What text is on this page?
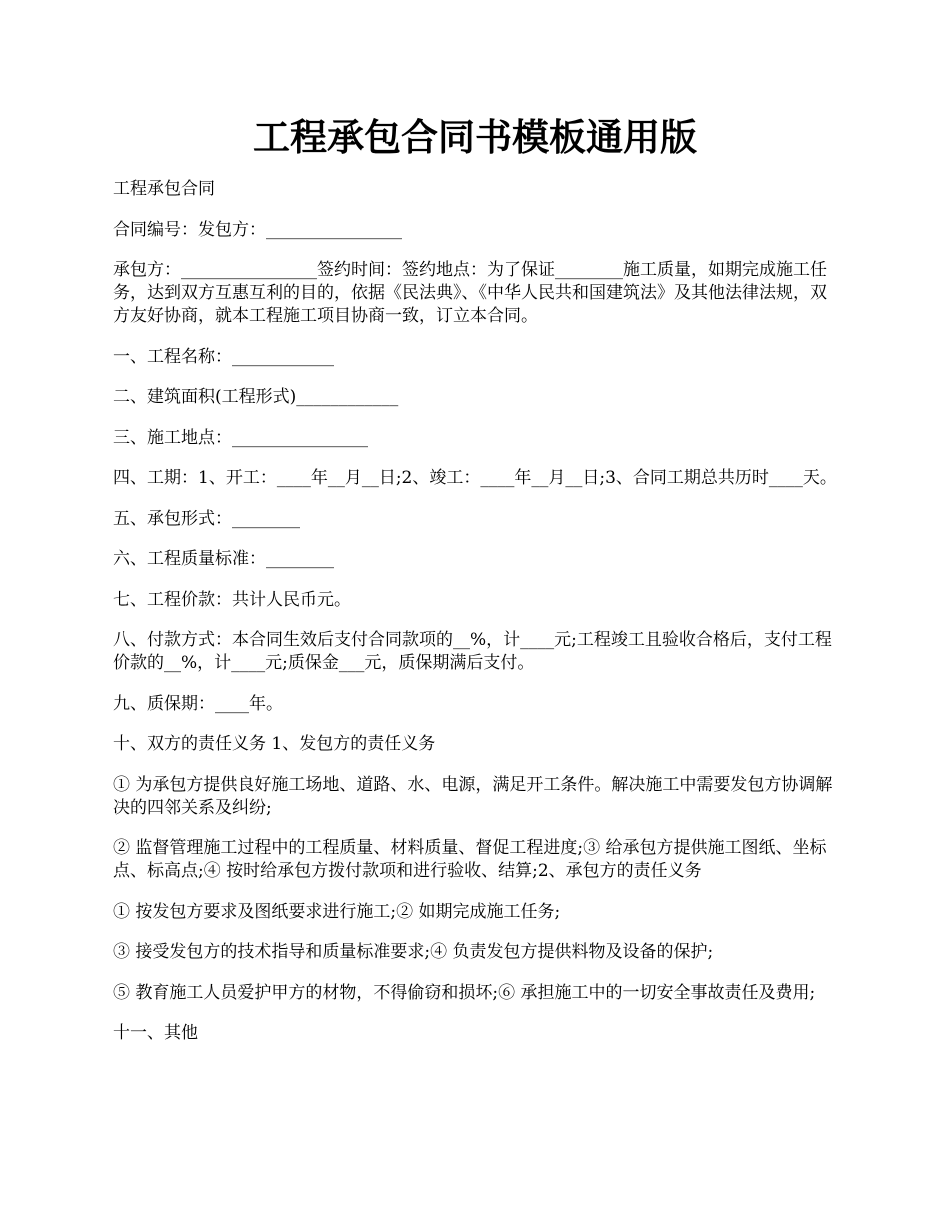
工程承包合同书模板通用版

工程承包合同

合同编号：发包方：________________

承包方：________________签约时间：签约地点：为了保证________施工质量，如期完成施工任务，达到双方互惠互利的目的，依据《民法典》、《中华人民共和国建筑法》及其他法律法规，双方友好协商，就本工程施工项目协商一致，订立本合同。

一、工程名称：____________

二、建筑面积(工程形式)____________

三、施工地点：________________

四、工期：1、开工：____年__月__日;2、竣工：____年__月__日;3、合同工期总共历时____天。

五、承包形式：________

六、工程质量标准：________

七、工程价款：共计人民币元。

八、付款方式：本合同生效后支付合同款项的__%，计____元;工程竣工且验收合格后，支付工程价款的__%，计____元;质保金___元，质保期满后支付。

九、质保期：____年。

十、双方的责任义务 1、发包方的责任义务

① 为承包方提供良好施工场地、道路、水、电源，满足开工条件。解决施工中需要发包方协调解决的四邻关系及纠纷;

② 监督管理施工过程中的工程质量、材料质量、督促工程进度;③ 给承包方提供施工图纸、坐标点、标高点;④ 按时给承包方拨付款项和进行验收、结算;2、承包方的责任义务

① 按发包方要求及图纸要求进行施工;② 如期完成施工任务;

③ 接受发包方的技术指导和质量标准要求;④ 负责发包方提供料物及设备的保护;

⑤ 教育施工人员爱护甲方的材物，不得偷窃和损坏;⑥ 承担施工中的一切安全事故责任及费用;

十一、其他
